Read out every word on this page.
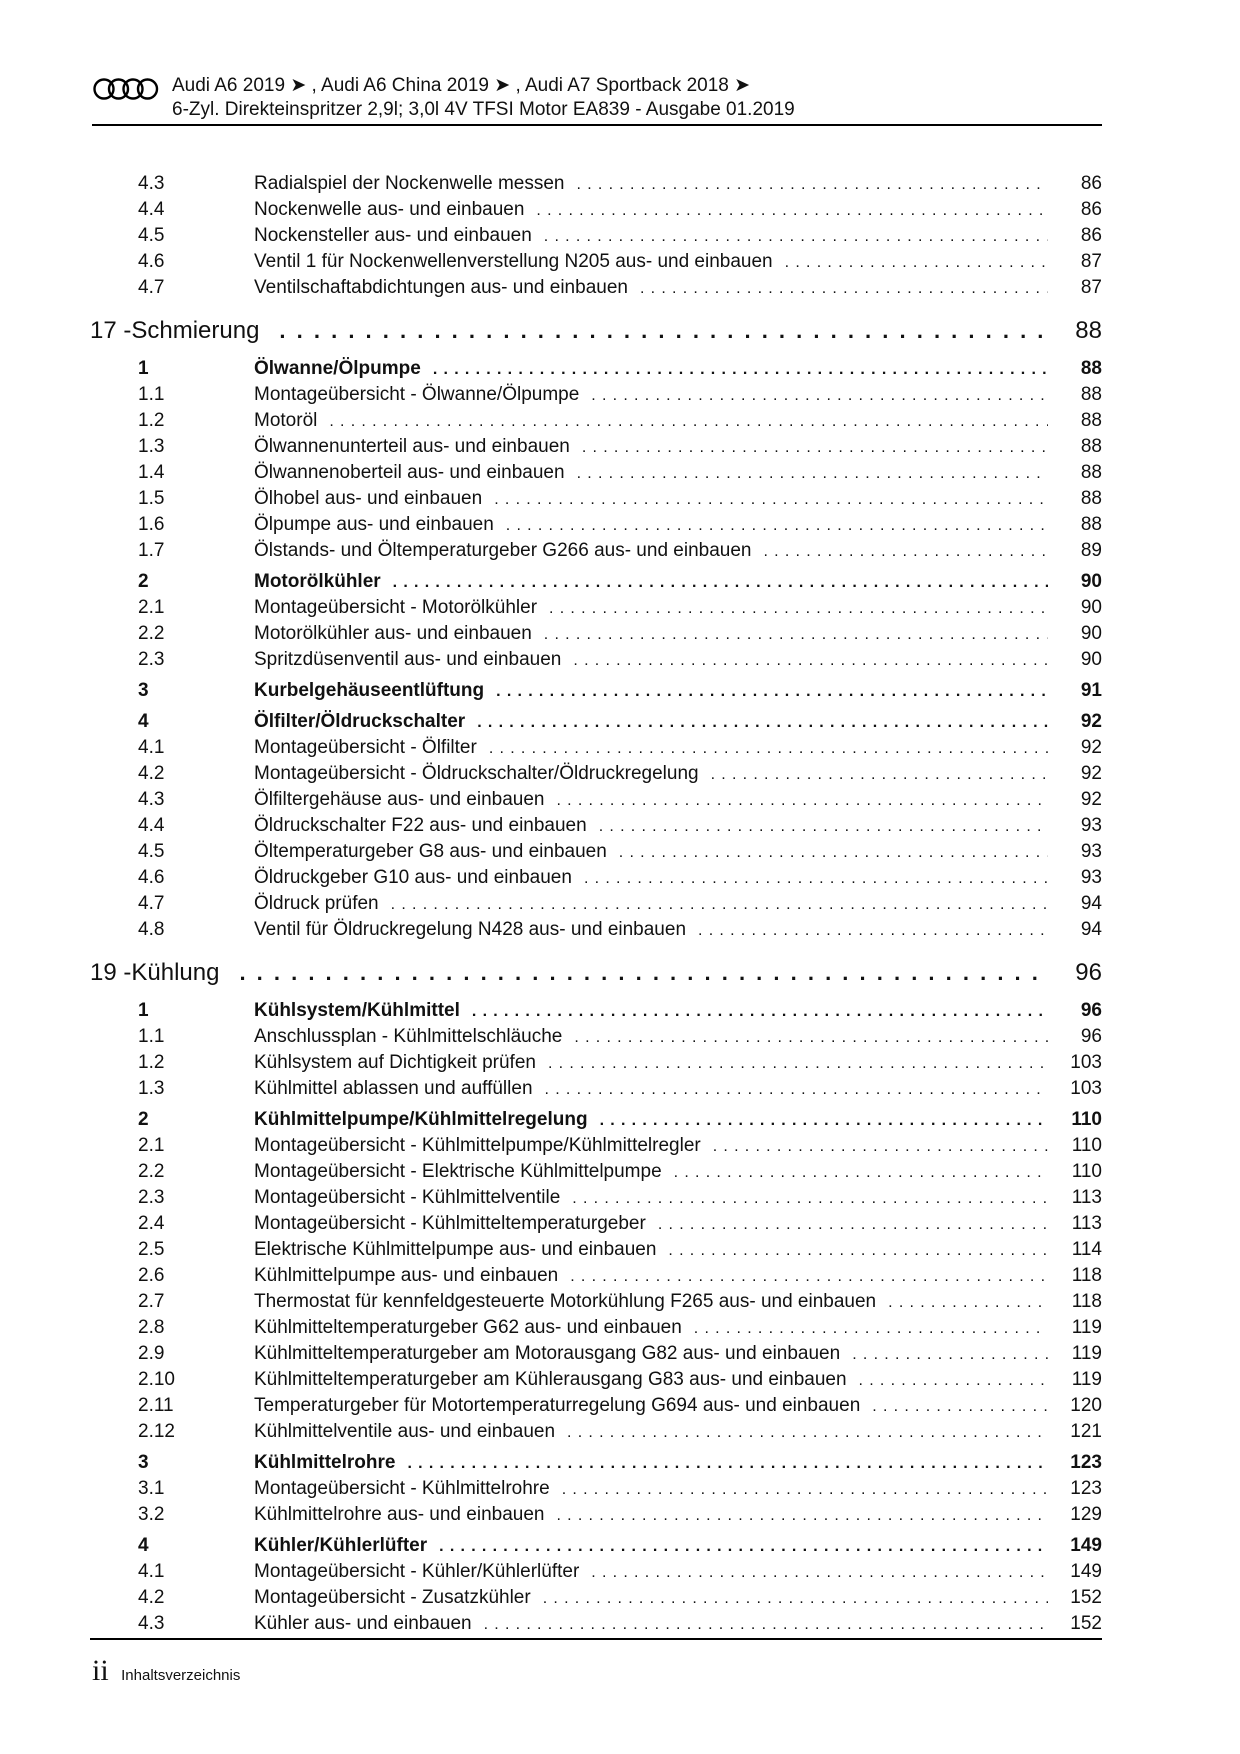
Audi A6 2019 ➤ , Audi A6 China 2019 ➤ , Audi A7 Sportback 2018 ➤
6-Zyl. Direkteinspritzer 2,9l; 3,0l 4V TFSI Motor EA839 - Ausgabe 01.2019
4.3	Radialspiel der Nockenwelle messen . . .	86
4.4	Nockenwelle aus- und einbauen . . .	86
4.5	Nockensteller aus- und einbauen . . .	86
4.6	Ventil 1 für Nockenwellenverstellung N205 aus- und einbauen . . .	87
4.7	Ventilschaftabdichtungen aus- und einbauen . . .	87
17 - Schmierung . . .	88
1	Ölwanne/Ölpumpe . . .	88
1.1	Montageübersicht - Ölwanne/Ölpumpe . . .	88
1.2	Motoröl . . .	88
1.3	Ölwannenunterteil aus- und einbauen . . .	88
1.4	Ölwannenoberteil aus- und einbauen . . .	88
1.5	Ölhobel aus- und einbauen . . .	88
1.6	Ölpumpe aus- und einbauen . . .	88
1.7	Ölstands- und Öltemperaturgeber G266 aus- und einbauen . . .	89
2	Motorölkühler . . .	90
2.1	Montageübersicht - Motorölkühler . . .	90
2.2	Motorölkühler aus- und einbauen . . .	90
2.3	Spritzdüsenventil aus- und einbauen . . .	90
3	Kurbelgehäuseentlüftung . . .	91
4	Ölfilter/Öldruckschalter . . .	92
4.1	Montageübersicht - Ölfilter . . .	92
4.2	Montageübersicht - Öldruckschalter/Öldruckregelung . . .	92
4.3	Ölfiltergehäuse aus- und einbauen . . .	92
4.4	Öldruckschalter F22 aus- und einbauen . . .	93
4.5	Öltemperaturgeber G8 aus- und einbauen . . .	93
4.6	Öldruckgeber G10 aus- und einbauen . . .	93
4.7	Öldruck prüfen . . .	94
4.8	Ventil für Öldruckregelung N428 aus- und einbauen . . .	94
19 - Kühlung . . .	96
1	Kühlsystem/Kühlmittel . . .	96
1.1	Anschlussplan - Kühlmittelschläuche . . .	96
1.2	Kühlsystem auf Dichtigkeit prüfen . . .	103
1.3	Kühlmittel ablassen und auffüllen . . .	103
2	Kühlmittelpumpe/Kühlmittelregelung . . .	110
2.1	Montageübersicht - Kühlmittelpumpe/Kühlmittelregler . . .	110
2.2	Montageübersicht - Elektrische Kühlmittelpumpe . . .	110
2.3	Montageübersicht - Kühlmittelventile . . .	113
2.4	Montageübersicht - Kühlmitteltemperaturgeber . . .	113
2.5	Elektrische Kühlmittelpumpe aus- und einbauen . . .	114
2.6	Kühlmittelpumpe aus- und einbauen . . .	118
2.7	Thermostat für kennfeldgesteuerte Motorkühlung F265 aus- und einbauen . . .	118
2.8	Kühlmitteltemperaturgeber G62 aus- und einbauen . . .	119
2.9	Kühlmitteltemperaturgeber am Motorausgang G82 aus- und einbauen . . .	119
2.10	Kühlmitteltemperaturgeber am Kühlerausgang G83 aus- und einbauen . . .	119
2.11	Temperaturgeber für Motortemperaturregelung G694 aus- und einbauen . . .	120
2.12	Kühlmittelventile aus- und einbauen . . .	121
3	Kühlmittelrohre . . .	123
3.1	Montageübersicht - Kühlmittelrohre . . .	123
3.2	Kühlmittelrohre aus- und einbauen . . .	129
4	Kühler/Kühlerlüfter . . .	149
4.1	Montageübersicht - Kühler/Kühlerlüfter . . .	149
4.2	Montageübersicht - Zusatzkühler . . .	152
4.3	Kühler aus- und einbauen . . .	152
ii Inhaltsverzeichnis
